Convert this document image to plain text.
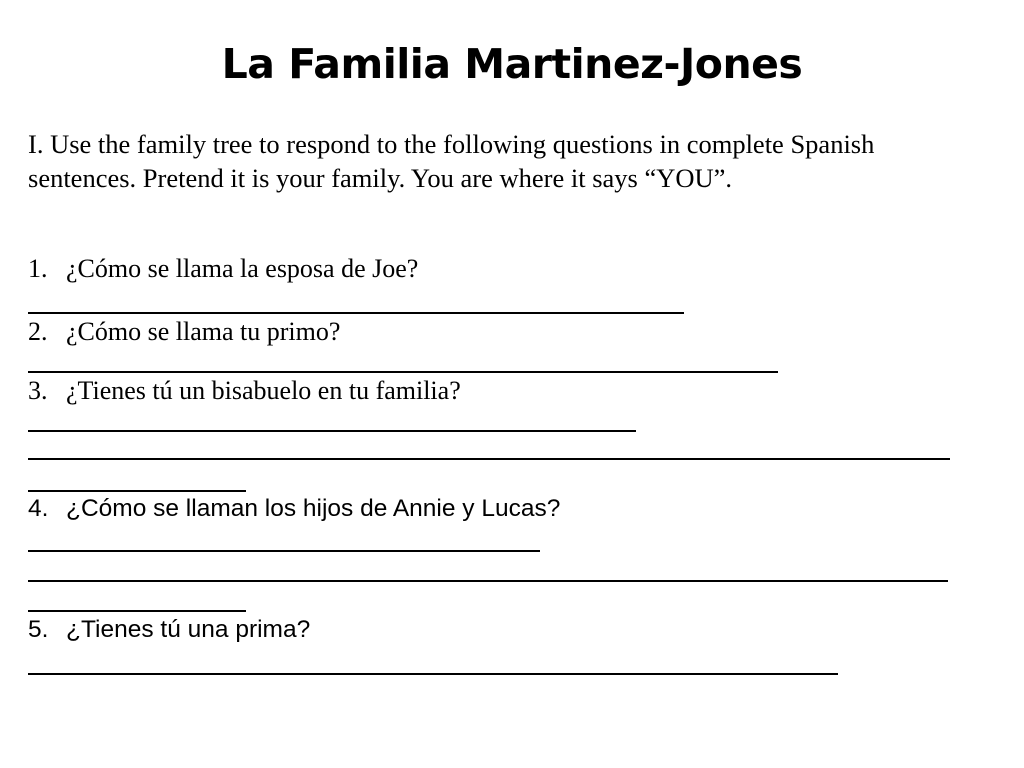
La Familia Martinez-Jones
I. Use the family tree to respond to the following questions in complete Spanish sentences. Pretend it is your family. You are where it says “YOU”.
1. ¿Cómo se llama la esposa de Joe?
2. ¿Cómo se llama tu primo?
3. ¿Tienes tú un bisabuelo en tu familia?
4. ¿Cómo se llaman los hijos de Annie y Lucas?
5. ¿Tienes tú una prima?
